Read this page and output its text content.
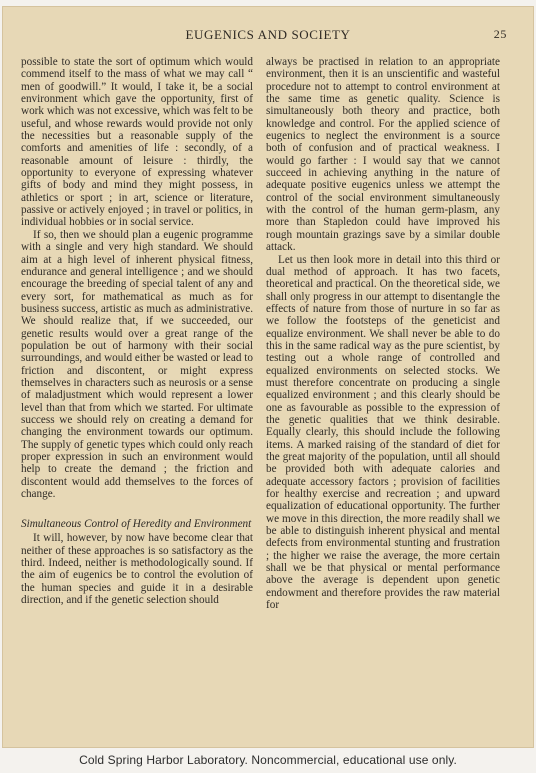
EUGENICS AND SOCIETY	25

possible to state the sort of optimum which would commend itself to the mass of what we may call “ men of goodwill.” It would, I take it, be a social environment which gave the opportunity, first of work which was not excessive, which was felt to be useful, and whose rewards would provide not only the necessities but a reasonable supply of the comforts and amenities of life : secondly, of a reasonable amount of leisure : thirdly, the opportunity to everyone of expressing whatever gifts of body and mind they might possess, in athletics or sport ; in art, science or literature, passive or actively enjoyed ; in travel or politics, in individual hobbies or in social service.

If so, then we should plan a eugenic programme with a single and very high standard. We should aim at a high level of inherent physical fitness, endurance and general intelligence ; and we should encourage the breeding of special talent of any and every sort, for mathematical as much as for business success, artistic as much as administrative. We should realize that, if we succeeded, our genetic results would over a great range of the population be out of harmony with their social surroundings, and would either be wasted or lead to friction and discontent, or might express themselves in characters such as neurosis or a sense of maladjustment which would represent a lower level than that from which we started. For ultimate success we should rely on creating a demand for changing the environment towards our optimum. The supply of genetic types which could only reach proper expression in such an environment would help to create the demand ; the friction and discontent would add themselves to the forces of change.

Simultaneous Control of Heredity and Environment

It will, however, by now have become clear that neither of these approaches is so satisfactory as the third. Indeed, neither is methodologically sound. If the aim of eugenics be to control the evolution of the human species and guide it in a desirable direction, and if the genetic selection should

always be practised in relation to an appropriate environment, then it is an unscientific and wasteful procedure not to attempt to control environment at the same time as genetic quality. Science is simultaneously both theory and practice, both knowledge and control. For the applied science of eugenics to neglect the environment is a source both of confusion and of practical weakness. I would go farther : I would say that we cannot succeed in achieving anything in the nature of adequate positive eugenics unless we attempt the control of the social environment simultaneously with the control of the human germ-plasm, any more than Stapledon could have improved his rough mountain grazings save by a similar double attack.

Let us then look more in detail into this third or dual method of approach. It has two facets, theoretical and practical. On the theoretical side, we shall only progress in our attempt to disentangle the effects of nature from those of nurture in so far as we follow the footsteps of the geneticist and equalize environment. We shall never be able to do this in the same radical way as the pure scientist, by testing out a whole range of controlled and equalized environments on selected stocks. We must therefore concentrate on producing a single equalized environment ; and this clearly should be one as favourable as possible to the expression of the genetic qualities that we think desirable. Equally clearly, this should include the following items. A marked raising of the standard of diet for the great majority of the population, until all should be provided both with adequate calories and adequate accessory factors ; provision of facilities for healthy exercise and recreation ; and upward equalization of educational opportunity. The further we move in this direction, the more readily shall we be able to distinguish inherent physical and mental defects from environmental stunting and frustration ; the higher we raise the average, the more certain shall we be that physical or mental performance above the average is dependent upon genetic endowment and therefore provides the raw material for

Cold Spring Harbor Laboratory. Noncommercial, educational use only.
